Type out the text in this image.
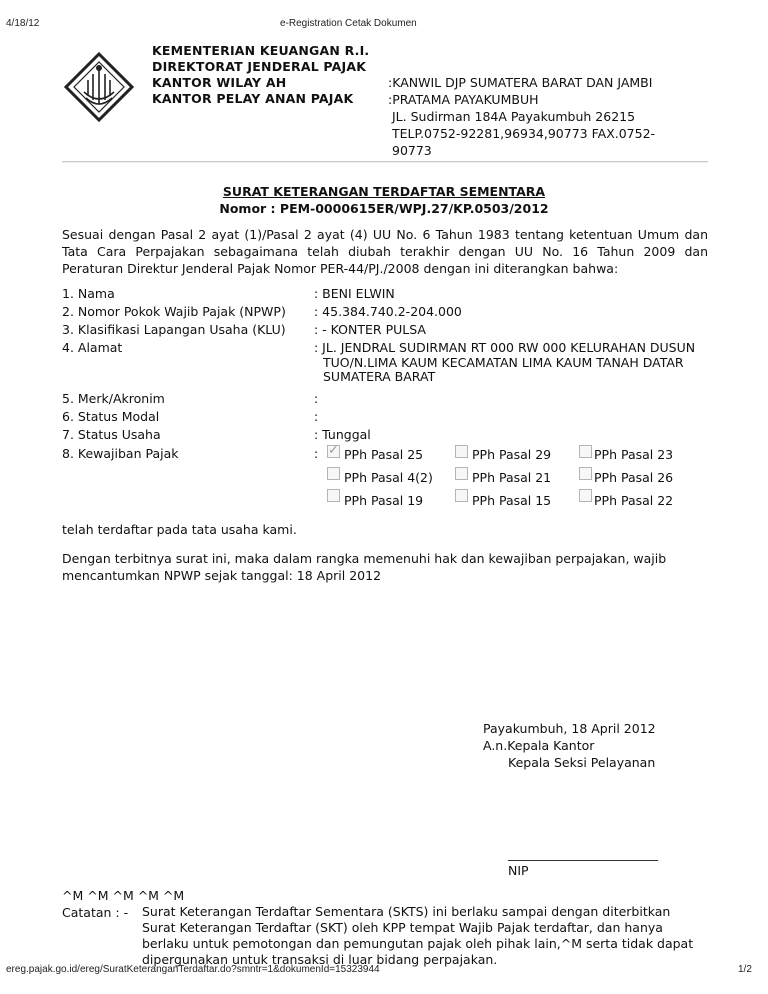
4/18/12	e-Registration Cetak Dokumen
KEMENTERIAN KEUANGAN R.I.
DIREKTORAT JENDERAL PAJAK
KANTOR WILAY AH
KANTOR PELAY ANAN PAJAK
:KANWIL DJP SUMATERA BARAT DAN JAMBI
:PRATAMA PAYAKUMBUH
JL. Sudirman 184A Payakumbuh 26215
TELP.0752-92281,96934,90773 FAX.0752-
90773
SURAT KETERANGAN TERDAFTAR SEMENTARA
Nomor : PEM-0000615ER/WPJ.27/KP.0503/2012
Sesuai dengan Pasal 2 ayat (1)/Pasal 2 ayat (4) UU No. 6 Tahun 1983 tentang ketentuan Umum dan
Tata Cara Perpajakan sebagaimana telah diubah terakhir dengan UU No. 16 Tahun 2009 dan
Peraturan Direktur Jenderal Pajak Nomor PER-44/PJ./2008 dengan ini diterangkan bahwa:
1. Nama	: BENI ELWIN
2. Nomor Pokok Wajib Pajak (NPWP) : 45.384.740.2-204.000
3. Klasifikasi Lapangan Usaha (KLU) : - KONTER PULSA
4. Alamat	: JL. JENDRAL SUDIRMAN RT 000 RW 000 KELURAHAN DUSUN
TUO/N.LIMA KAUM KECAMATAN LIMA KAUM TANAH DATAR
SUMATERA BARAT
5. Merk/Akronim	:
6. Status Modal	:
7. Status Usaha	: Tunggal
8. Kewajiban Pajak	:
✓ PPh Pasal 25	PPh Pasal 29	PPh Pasal 23
PPh Pasal 4(2)	PPh Pasal 21	PPh Pasal 26
PPh Pasal 19	PPh Pasal 15	PPh Pasal 22
telah terdaftar pada tata usaha kami.
Dengan terbitnya surat ini, maka dalam rangka memenuhi hak dan kewajiban perpajakan, wajib
mencantumkan NPWP sejak tanggal: 18 April 2012
Payakumbuh, 18 April 2012
A.n.Kepala Kantor
Kepala Seksi Pelayanan
________________________
NIP
^M ^M ^M ^M ^M
Catatan : - Surat Keterangan Terdaftar Sementara (SKTS) ini berlaku sampai dengan diterbitkan
Surat Keterangan Terdaftar (SKT) oleh KPP tempat Wajib Pajak terdaftar, dan hanya
berlaku untuk pemotongan dan pemungutan pajak oleh pihak lain,^M serta tidak dapat
dipergunakan untuk transaksi di luar bidang perpajakan.
ereg.pajak.go.id/ereg/SuratKeteranganTerdaftar.do?smntr=1&dokumenId=15323944	1/2
